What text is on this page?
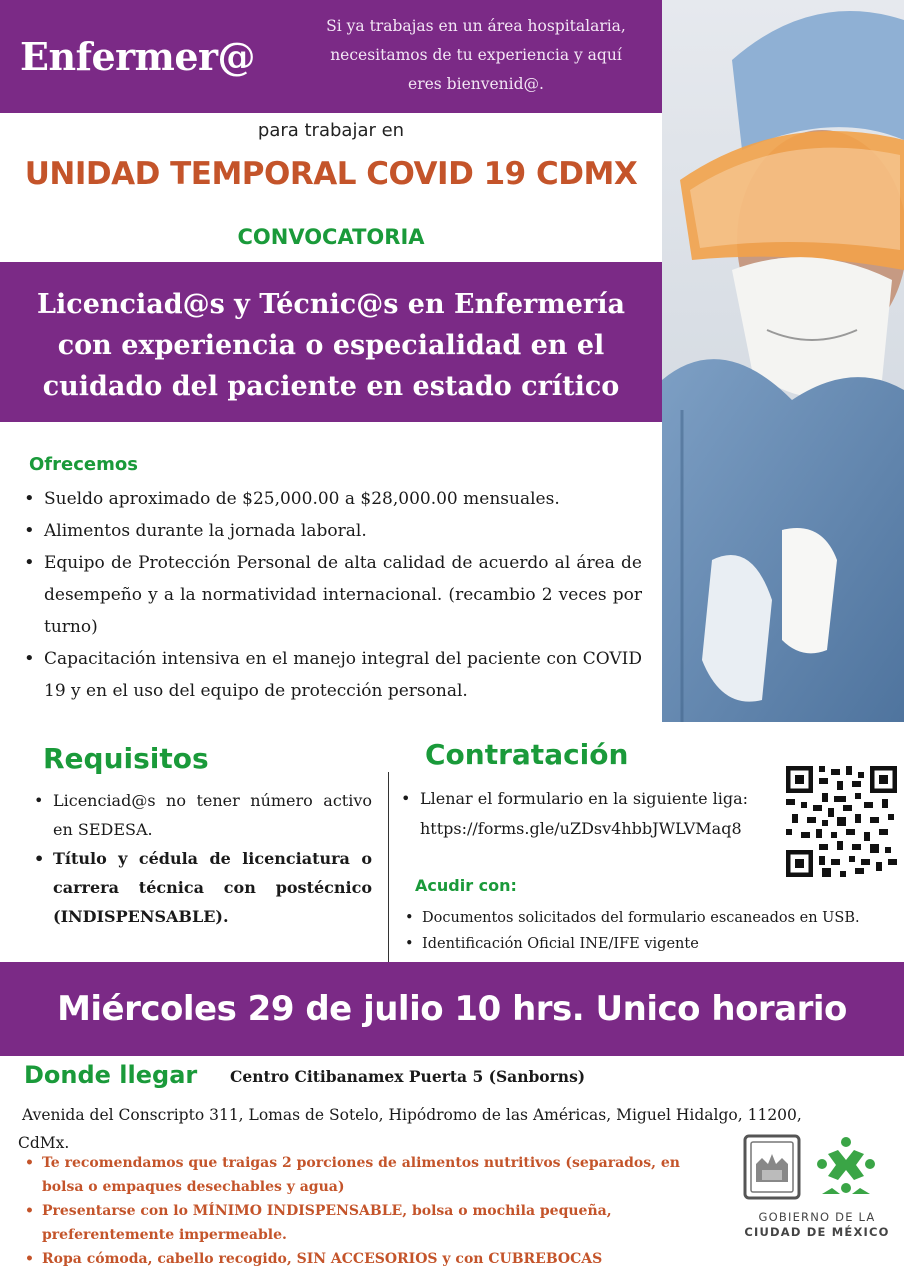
Enfermer@
Si ya trabajas en un área hospitalaria,
necesitamos de tu experiencia y aquí
eres bienvenid@.
para trabajar en
UNIDAD TEMPORAL COVID 19 CDMX
CONVOCATORIA
Licenciad@s y Técnic@s en Enfermería
con experiencia o especialidad en el
cuidado del paciente en estado crítico
Ofrecemos
• Sueldo aproximado de $25,000.00 a $28,000.00 mensuales.
• Alimentos durante la jornada laboral.
• Equipo de Protección Personal de alta calidad de acuerdo al área de desempeño y a la normatividad internacional. (recambio 2 veces por turno)
• Capacitación intensiva en el manejo integral del paciente con COVID 19 y en el uso del equipo de protección personal.
Requisitos
• Licenciad@s no tener número activo en SEDESA.
• Título y cédula de licenciatura o carrera técnica con postécnico (INDISPENSABLE).
Contratación
• Llenar el formulario en la siguiente liga:
https://forms.gle/uZDsv4hbbJWLVMaq8
Acudir con:
• Documentos solicitados del formulario escaneados en USB.
• Identificación Oficial INE/IFE vigente
Miércoles 29 de julio 10 hrs. Unico horario
Donde llegar Centro Citibanamex Puerta 5 (Sanborns)
Avenida del Conscripto 311, Lomas de Sotelo, Hipódromo de las Américas, Miguel Hidalgo, 11200, CdMx.
• Te recomendamos que traigas 2 porciones de alimentos nutritivos (separados, en bolsa o empaques desechables y agua)
• Presentarse con lo MÍNIMO INDISPENSABLE, bolsa o mochila pequeña, preferentemente impermeable.
• Ropa cómoda, cabello recogido, SIN ACCESORIOS y con CUBREBOCAS
GOBIERNO DE LA
CIUDAD DE MÉXICO
